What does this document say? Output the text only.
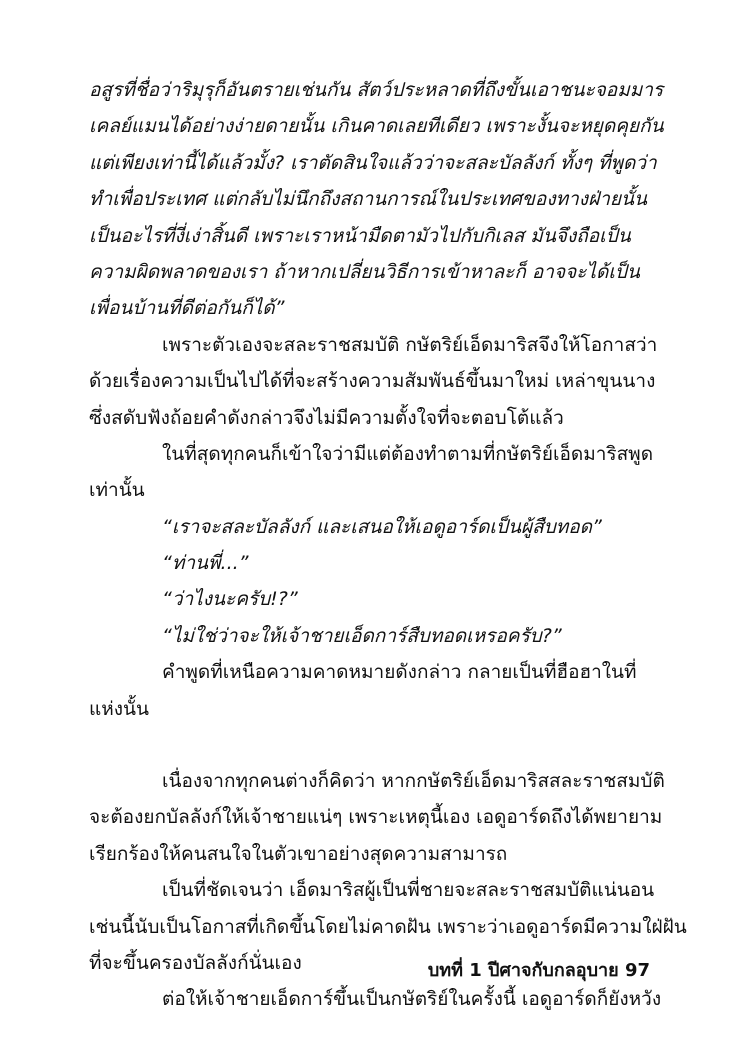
อสูรที่ชื่อว่าริมุรุก็อันตรายเช่นกัน สัตว์ประหลาดที่ถึงขั้นเอาชนะจอมมาร
เคลย์แมนได้อย่างง่ายดายนั้น เกินคาดเลยทีเดียว เพราะงั้นจะหยุดคุยกัน
แต่เพียงเท่านี้ได้แล้วมั้ง? เราตัดสินใจแล้วว่าจะสละบัลลังก์ ทั้งๆ ที่พูดว่า
ทำเพื่อประเทศ แต่กลับไม่นึกถึงสถานการณ์ในประเทศของทางฝ่ายนั้น
เป็นอะไรที่งี่เง่าสิ้นดี เพราะเราหน้ามืดตามัวไปกับกิเลส มันจึงถือเป็น
ความผิดพลาดของเรา ถ้าหากเปลี่ยนวิธีการเข้าหาละก็ อาจจะได้เป็น
เพื่อนบ้านที่ดีต่อกันก็ได้”
เพราะตัวเองจะสละราชสมบัติ กษัตริย์เอ็ดมาริสจึงให้โอกาสว่า
ด้วยเรื่องความเป็นไปได้ที่จะสร้างความสัมพันธ์ขึ้นมาใหม่ เหล่าขุนนาง
ซึ่งสดับฟังถ้อยคำดังกล่าวจึงไม่มีความตั้งใจที่จะตอบโต้แล้ว
ในที่สุดทุกคนก็เข้าใจว่ามีแต่ต้องทำตามที่กษัตริย์เอ็ดมาริสพูด
เท่านั้น
“เราจะสละบัลลังก์ และเสนอให้เอดูอาร์ดเป็นผู้สืบทอด”
“ท่านพี่...”
“ว่าไงนะครับ!?”
“ไม่ใช่ว่าจะให้เจ้าชายเอ็ดการ์สืบทอดเหรอครับ?”
คำพูดที่เหนือความคาดหมายดังกล่าว กลายเป็นที่ฮือฮาในที่
แห่งนั้น
เนื่องจากทุกคนต่างก็คิดว่า หากกษัตริย์เอ็ดมาริสสละราชสมบัติ
จะต้องยกบัลลังก์ให้เจ้าชายแน่ๆ เพราะเหตุนี้เอง เอดูอาร์ดถึงได้พยายาม
เรียกร้องให้คนสนใจในตัวเขาอย่างสุดความสามารถ
เป็นที่ชัดเจนว่า เอ็ดมาริสผู้เป็นพี่ชายจะสละราชสมบัติแน่นอน
เช่นนี้นับเป็นโอกาสที่เกิดขึ้นโดยไม่คาดฝัน เพราะว่าเอดูอาร์ดมีความใฝ่ฝัน
ที่จะขึ้นครองบัลลังก์นั่นเอง
ต่อให้เจ้าชายเอ็ดการ์ขึ้นเป็นกษัตริย์ในครั้งนี้ เอดูอาร์ดก็ยังหวัง
บทที่ 1 ปีศาจกับกลอุบาย 97
